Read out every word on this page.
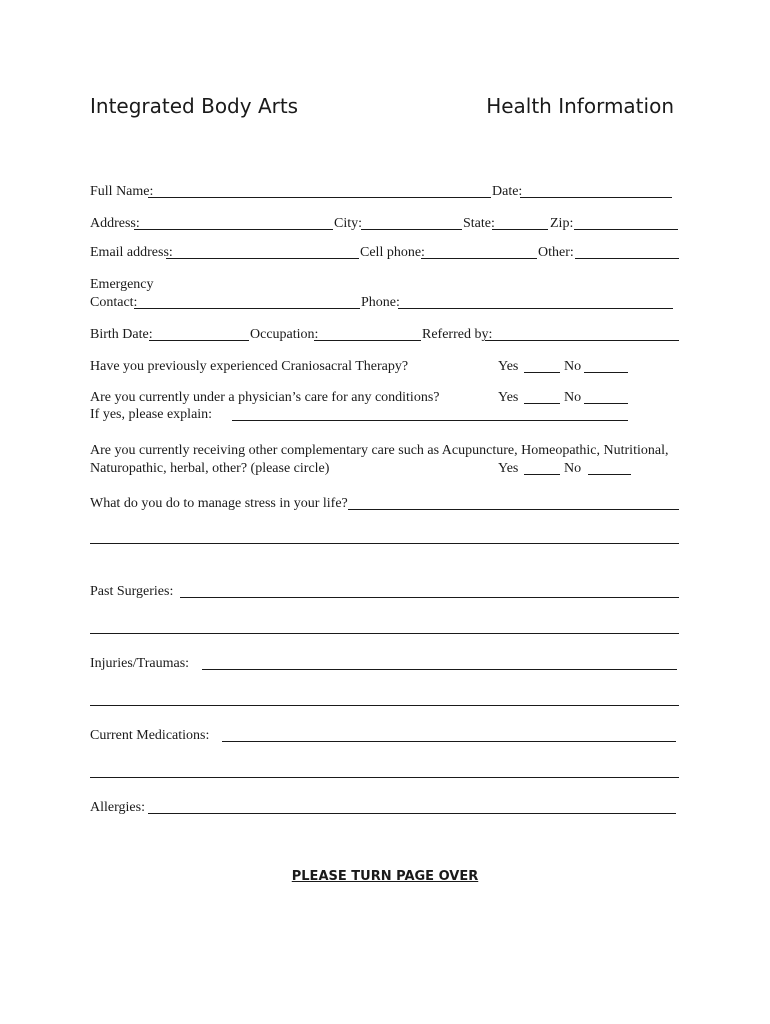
Integrated Body Arts	Health Information
Full Name:	Date:
Address:	City:	State:	Zip:
Email address:	Cell phone:	Other:
Emergency
Contact:	Phone:
Birth Date:	Occupation:	Referred by:
Have you previously experienced Craniosacral Therapy?	Yes	No
Are you currently under a physician’s care for any conditions?	Yes	No
If yes, please explain:
Are you currently receiving other complementary care such as Acupuncture, Homeopathic, Nutritional,
Naturopathic, herbal, other? (please circle)	Yes	No
What do you do to manage stress in your life?
Past Surgeries:
Injuries/Traumas:
Current Medications:
Allergies:
PLEASE TURN PAGE OVER
